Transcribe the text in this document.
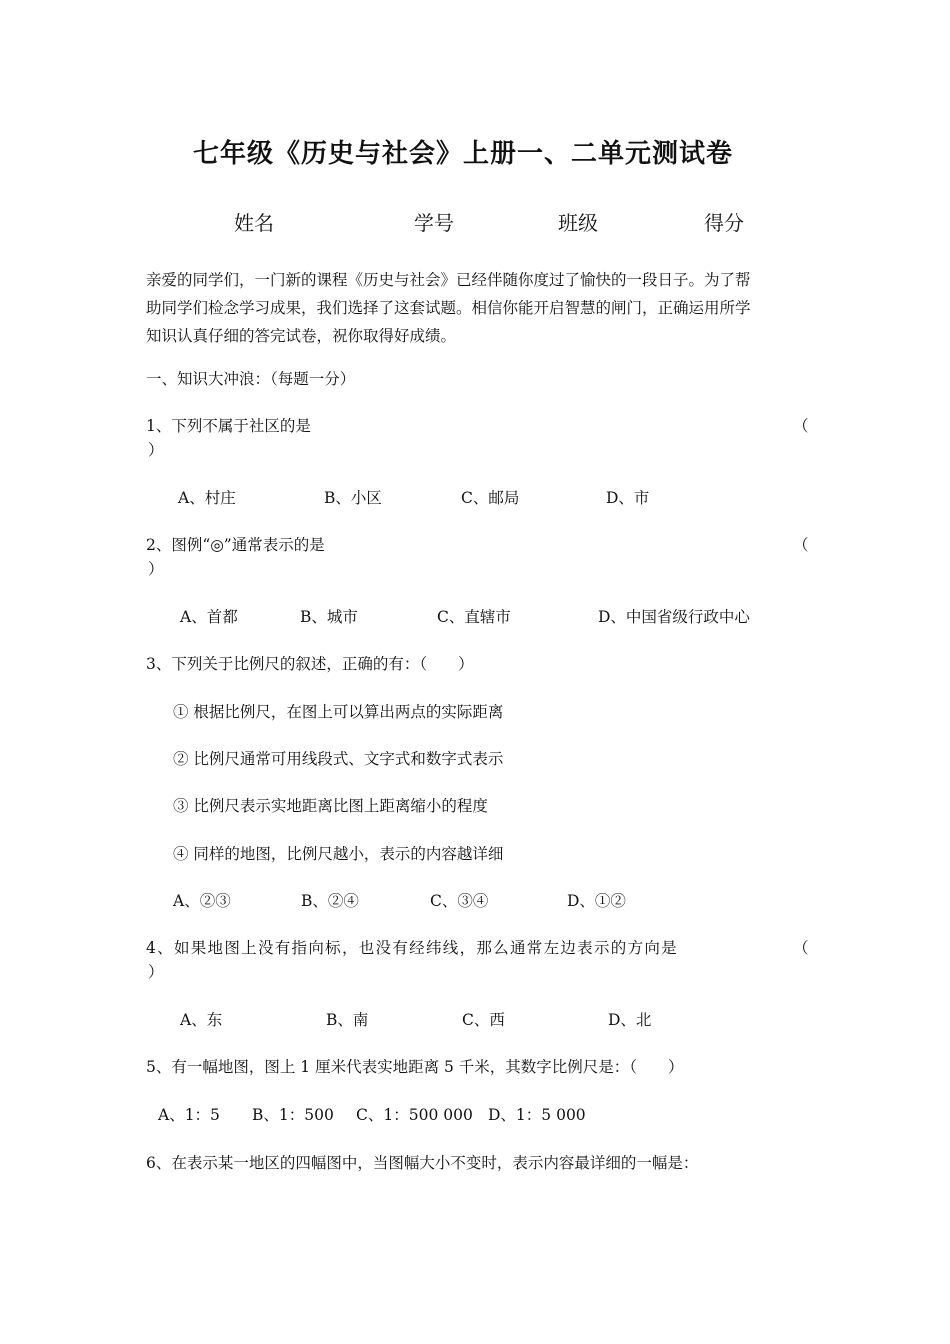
七年级《历史与社会》上册一、二单元测试卷
姓名	学号	班级	得分
亲爱的同学们，一门新的课程《历史与社会》已经伴随你度过了愉快的一段日子。为了帮
助同学们检念学习成果，我们选择了这套试题。相信你能开启智慧的闸门，正确运用所学
知识认真仔细的答完试卷，祝你取得好成绩。
一、知识大冲浪：（每题一分）
1、下列不属于社区的是	（
）
A、村庄	B、小区	C、邮局	D、市
2、图例“◎”通常表示的是	（
）
A、首都	B、城市	C、直辖市	D、中国省级行政中心
3、下列关于比例尺的叙述，正确的有：（　　）
① 根据比例尺，在图上可以算出两点的实际距离
② 比例尺通常可用线段式、文字式和数字式表示
③ 比例尺表示实地距离比图上距离缩小的程度
④ 同样的地图，比例尺越小，表示的内容越详细
A、②③	B、②④	C、③④	D、①②
4、如果地图上没有指向标，也没有经纬线，那么通常左边表示的方向是	（
）
A、东	B、南	C、西	D、北
5、有一幅地图，图上 1 厘米代表实地距离 5 千米，其数字比例尺是：（　　）
A、1：5 B、1：500 C、1：500 000 D、1：5 000
6、在表示某一地区的四幅图中，当图幅大小不变时，表示内容最详细的一幅是：
